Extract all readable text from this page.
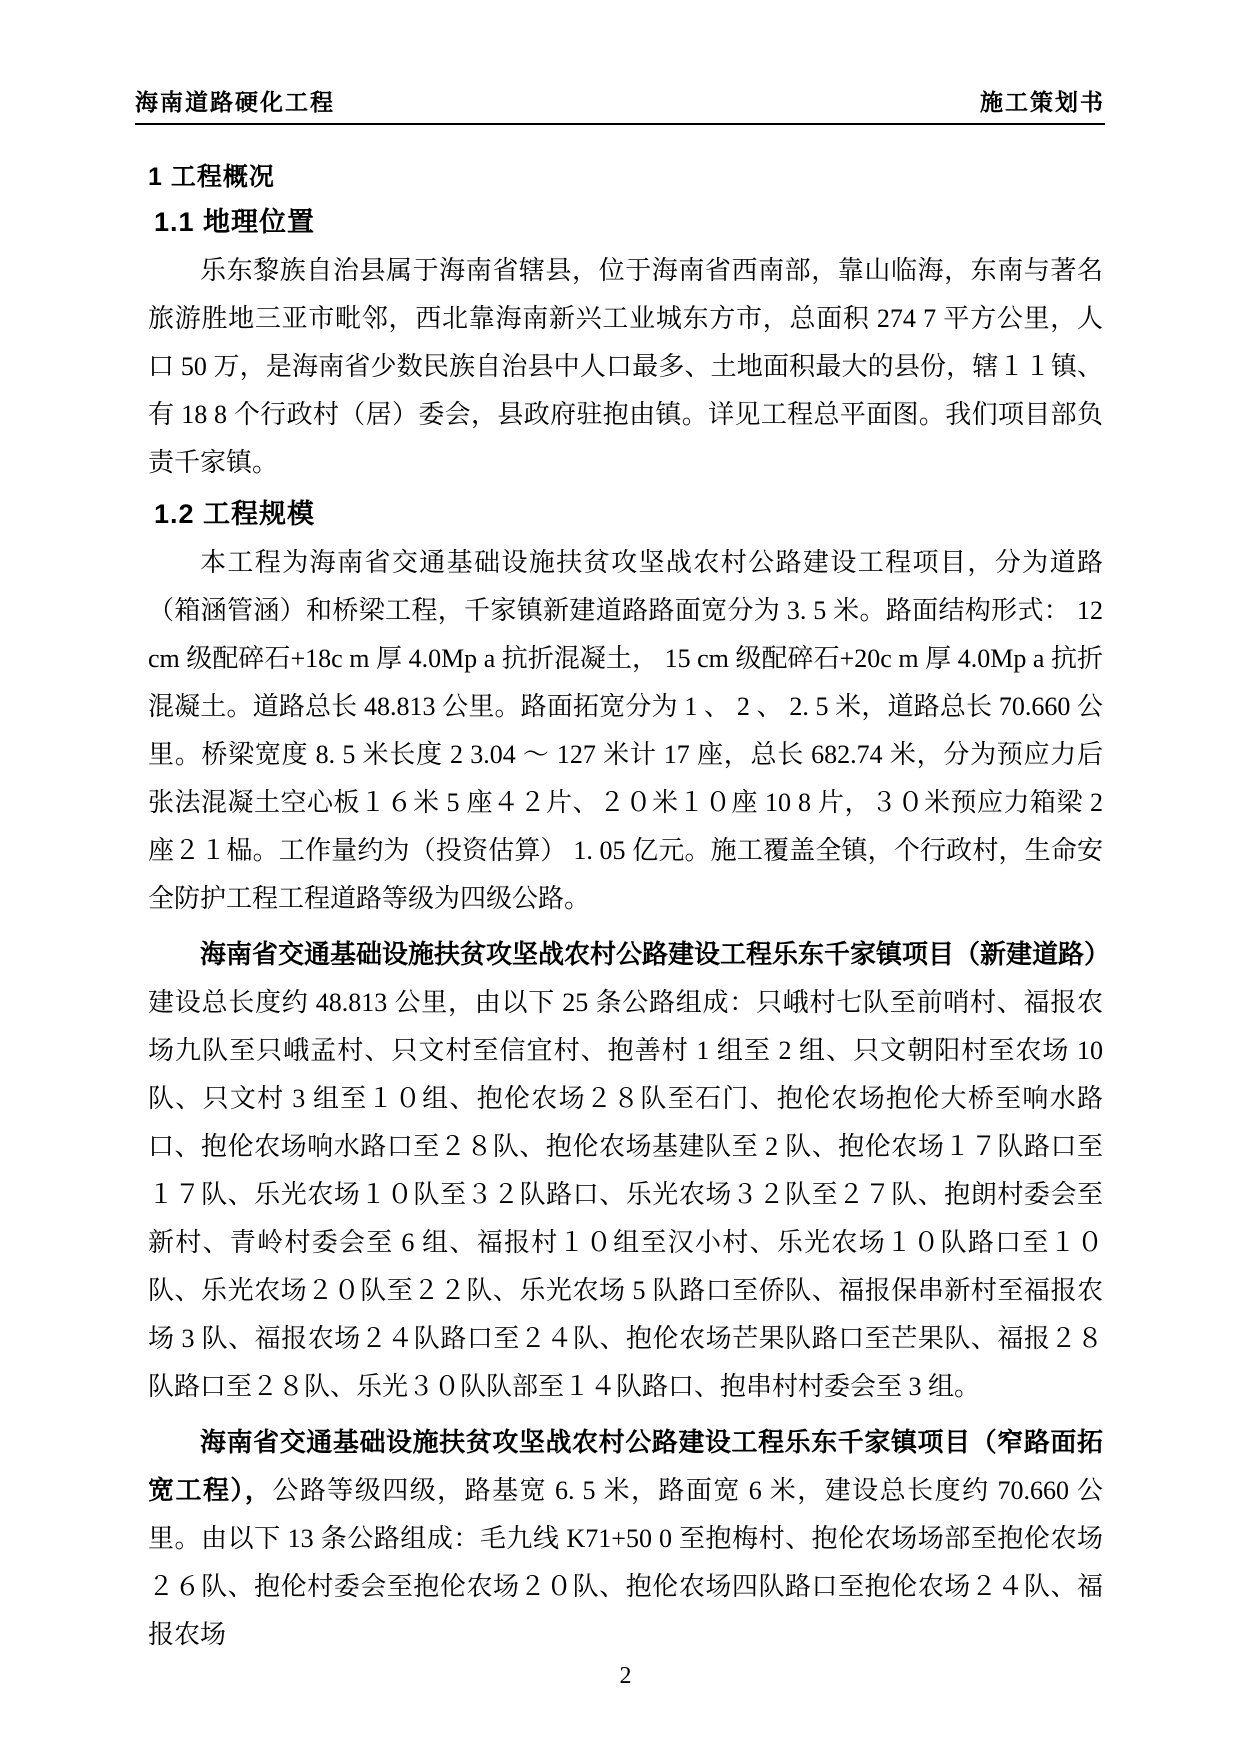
海南道路硬化工程	施工策划书
1 工程概况
1.1 地理位置

乐东黎族自治县属于海南省辖县，位于海南省西南部，靠山临海，东南与著名旅游胜地三亚市毗邻，西北靠海南新兴工业城东方市，总面积 274 7 平方公里，人口 50 万，是海南省少数民族自治县中人口最多、土地面积最大的县份，辖１１镇、有 18 8 个行政村（居）委会，县政府驻抱由镇。详见工程总平面图。我们项目部负责千家镇。

1.2 工程规模

本工程为海南省交通基础设施扶贫攻坚战农村公路建设工程项目，分为道路（箱涵管涵）和桥梁工程，千家镇新建道路路面宽分为 3. 5 米。路面结构形式： 12 cm 级配碎石+18c m 厚 4.0Mp a 抗折混凝土， 15 cm 级配碎石+20c m 厚 4.0Mp a 抗折混凝土。道路总长 48.813 公里。路面拓宽分为 1 、 2 、 2. 5 米，道路总长 70.660 公里。桥梁宽度 8. 5 米长度 2 3.04 ～ 127 米计 17 座，总长 682.74 米，分为预应力后张法混凝土空心板１６米 5 座４２片、２０米１０座 10 8 片，３０米预应力箱梁 2 座２１榀。工作量约为（投资估算） 1. 05 亿元。施工覆盖全镇，个行政村，生命安全防护工程工程道路等级为四级公路。

海南省交通基础设施扶贫攻坚战农村公路建设工程乐东千家镇项目（新建道路）建设总长度约 48.813 公里，由以下 25 条公路组成：只峨村七队至前哨村、福报农场九队至只峨孟村、只文村至信宜村、抱善村 1 组至 2 组、只文朝阳村至农场 10 队、只文村 3 组至１０组、抱伦农场２８队至石门、抱伦农场抱伦大桥至响水路口、抱伦农场响水路口至２８队、抱伦农场基建队至 2 队、抱伦农场１７队路口至１７队、乐光农场１０队至３２队路口、乐光农场３２队至２７队、抱朗村委会至新村、青岭村委会至 6 组、福报村１０组至汉小村、乐光农场１０队路口至１０队、乐光农场２０队至２２队、乐光农场 5 队路口至侨队、福报保串新村至福报农场 3 队、福报农场２４队路口至２４队、抱伦农场芒果队路口至芒果队、福报２８队路口至２８队、乐光３０队队部至１４队路口、抱串村村委会至 3 组。

海南省交通基础设施扶贫攻坚战农村公路建设工程乐东千家镇项目（窄路面拓宽工程），公路等级四级，路基宽 6. 5 米，路面宽 6 米，建设总长度约 70.660 公里。由以下 13 条公路组成：毛九线 K71+50 0 至抱梅村、抱伦农场场部至抱伦农场２６队、抱伦村委会至抱伦农场２０队、抱伦农场四队路口至抱伦农场２４队、福报农场

2
